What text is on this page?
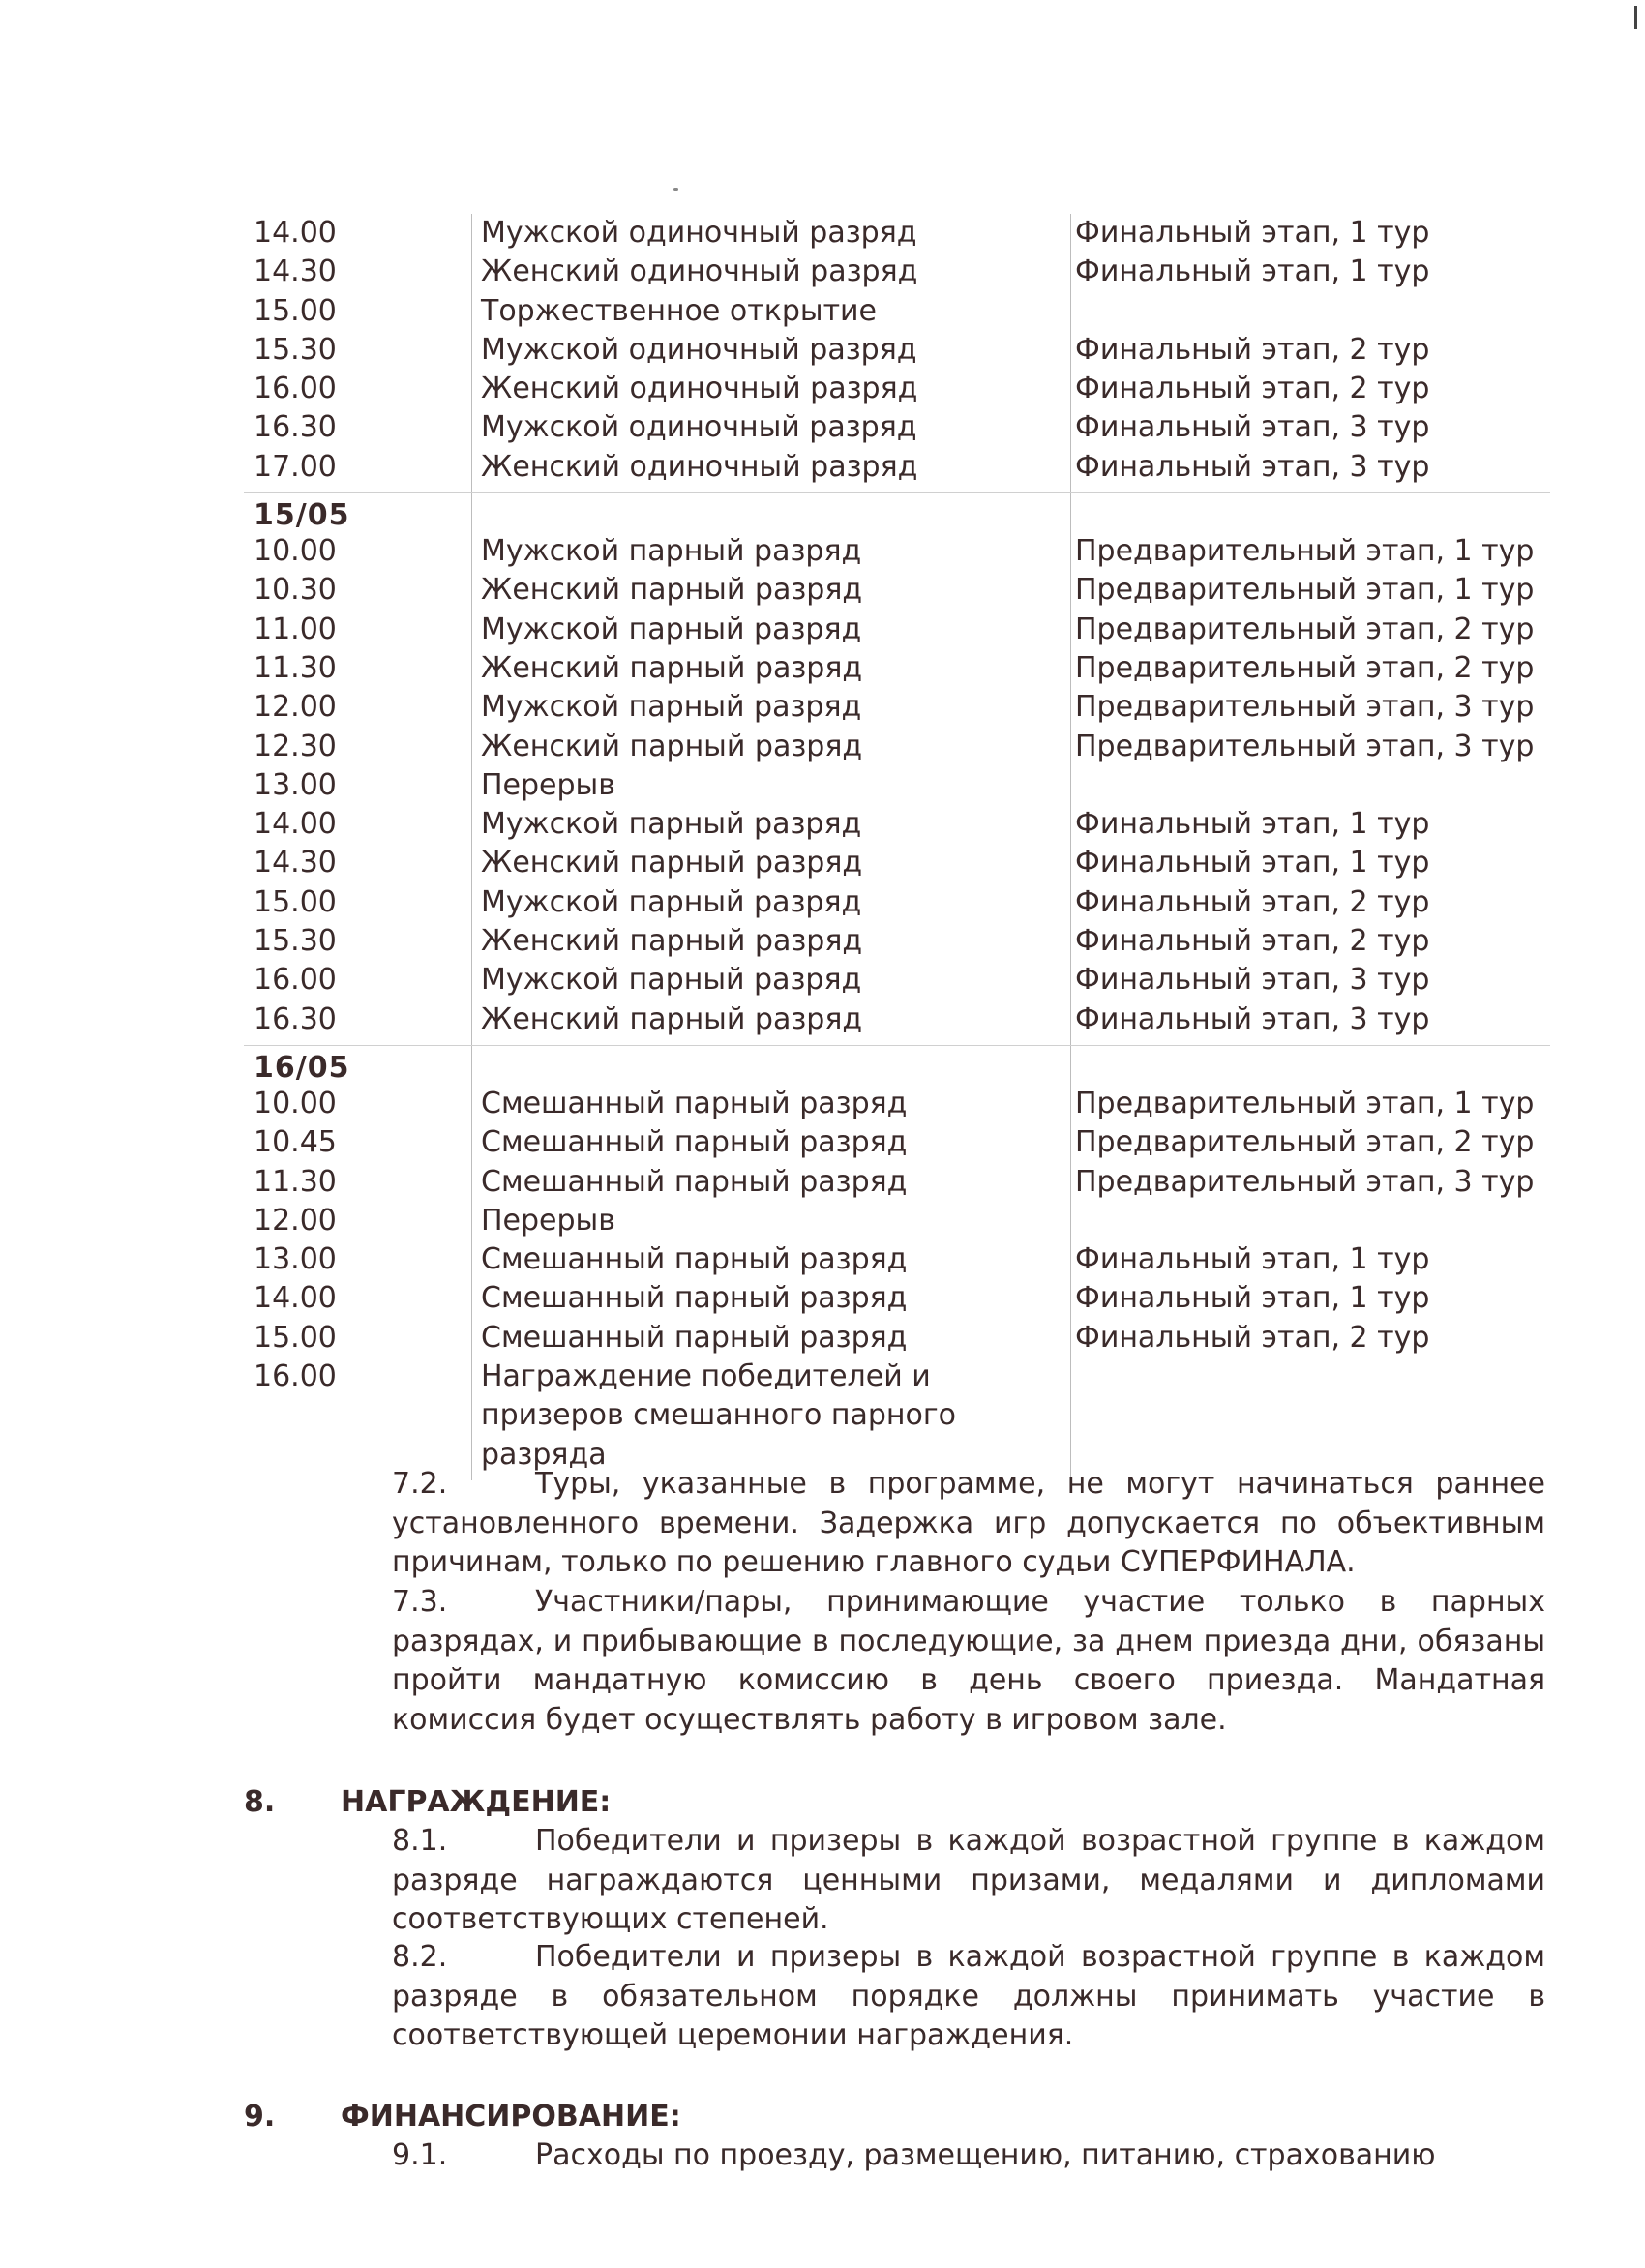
14.00	Мужской одиночный разряд	Финальный этап, 1 тур
14.30	Женский одиночный разряд	Финальный этап, 1 тур
15.00	Торжественное открытие
15.30	Мужской одиночный разряд	Финальный этап, 2 тур
16.00	Женский одиночный разряд	Финальный этап, 2 тур
16.30	Мужской одиночный разряд	Финальный этап, 3 тур
17.00	Женский одиночный разряд	Финальный этап, 3 тур
15/05
10.00	Мужской парный разряд	Предварительный этап, 1 тур
10.30	Женский парный разряд	Предварительный этап, 1 тур
11.00	Мужской парный разряд	Предварительный этап, 2 тур
11.30	Женский парный разряд	Предварительный этап, 2 тур
12.00	Мужской парный разряд	Предварительный этап, 3 тур
12.30	Женский парный разряд	Предварительный этап, 3 тур
13.00	Перерыв
14.00	Мужской парный разряд	Финальный этап, 1 тур
14.30	Женский парный разряд	Финальный этап, 1 тур
15.00	Мужской парный разряд	Финальный этап, 2 тур
15.30	Женский парный разряд	Финальный этап, 2 тур
16.00	Мужской парный разряд	Финальный этап, 3 тур
16.30	Женский парный разряд	Финальный этап, 3 тур
16/05
10.00	Смешанный парный разряд	Предварительный этап, 1 тур
10.45	Смешанный парный разряд	Предварительный этап, 2 тур
11.30	Смешанный парный разряд	Предварительный этап, 3 тур
12.00	Перерыв
13.00	Смешанный парный разряд	Финальный этап, 1 тур
14.00	Смешанный парный разряд	Финальный этап, 1 тур
15.00	Смешанный парный разряд	Финальный этап, 2 тур
16.00	Награждение победителей и призеров смешанного парного разряда
7.2.	Туры, указанные в программе, не могут начинаться раннее установленного времени. Задержка игр допускается по объективным причинам, только по решению главного судьи СУПЕРФИНАЛА.
7.3.	Участники/пары, принимающие участие только в парных разрядах, и прибывающие в последующие, за днем приезда дни, обязаны пройти мандатную комиссию в день своего приезда. Мандатная комиссия будет осуществлять работу в игровом зале.
8. НАГРАЖДЕНИЕ:
8.1.	Победители и призеры в каждой возрастной группе в каждом разряде награждаются ценными призами, медалями и дипломами соответствующих степеней.
8.2.	Победители и призеры в каждой возрастной группе в каждом разряде в обязательном порядке должны принимать участие в соответствующей церемонии награждения.
9. ФИНАНСИРОВАНИЕ:
9.1.	Расходы по проезду, размещению, питанию, страхованию
